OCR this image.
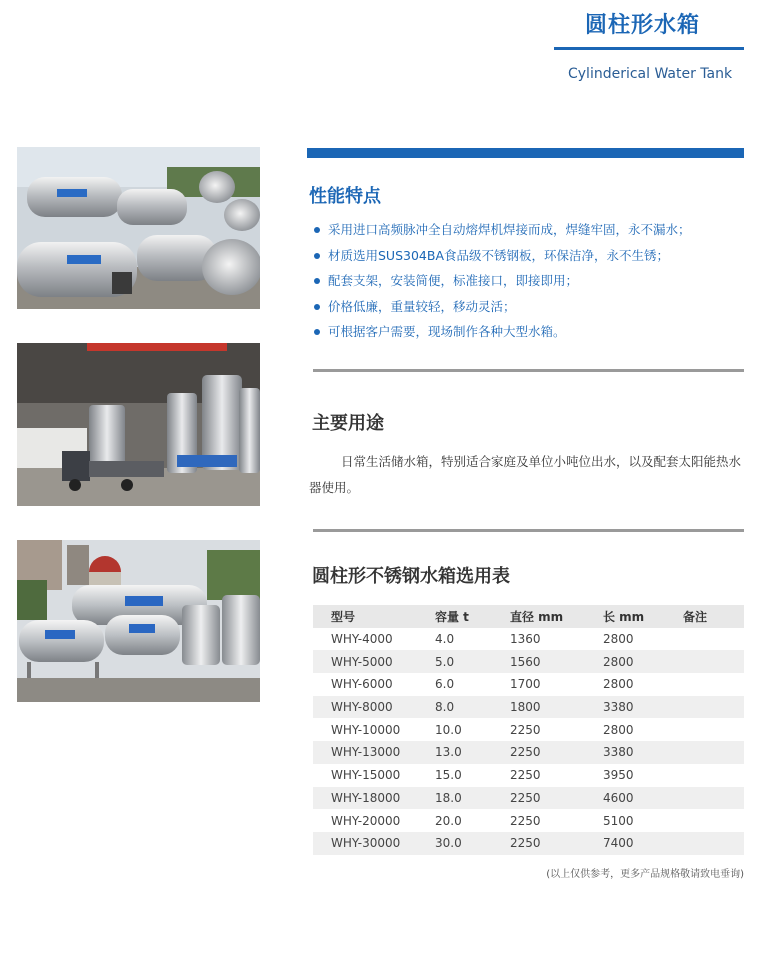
圆柱形水箱
Cylinderical Water Tank
性能特点
采用进口高频脉冲全自动熔焊机焊接而成，焊缝牢固，永不漏水；
材质选用SUS304BA食品级不锈钢板，环保洁净，永不生锈；
配套支架，安装简便，标准接口，即接即用；
价格低廉，重量较轻，移动灵活；
可根据客户需要，现场制作各种大型水箱。
主要用途
日常生活储水箱，特别适合家庭及单位小吨位出水，以及配套太阳能热水器使用。
圆柱形不锈钢水箱选用表
型号	容量 t	直径 mm	长 mm	备注
WHY-4000	4.0	1360	2800	
WHY-5000	5.0	1560	2800	
WHY-6000	6.0	1700	2800	
WHY-8000	8.0	1800	3380	
WHY-10000	10.0	2250	2800	
WHY-13000	13.0	2250	3380	
WHY-15000	15.0	2250	3950	
WHY-18000	18.0	2250	4600	
WHY-20000	20.0	2250	5100	
WHY-30000	30.0	2250	7400	
(以上仅供参考，更多产品规格敬请致电垂询)
